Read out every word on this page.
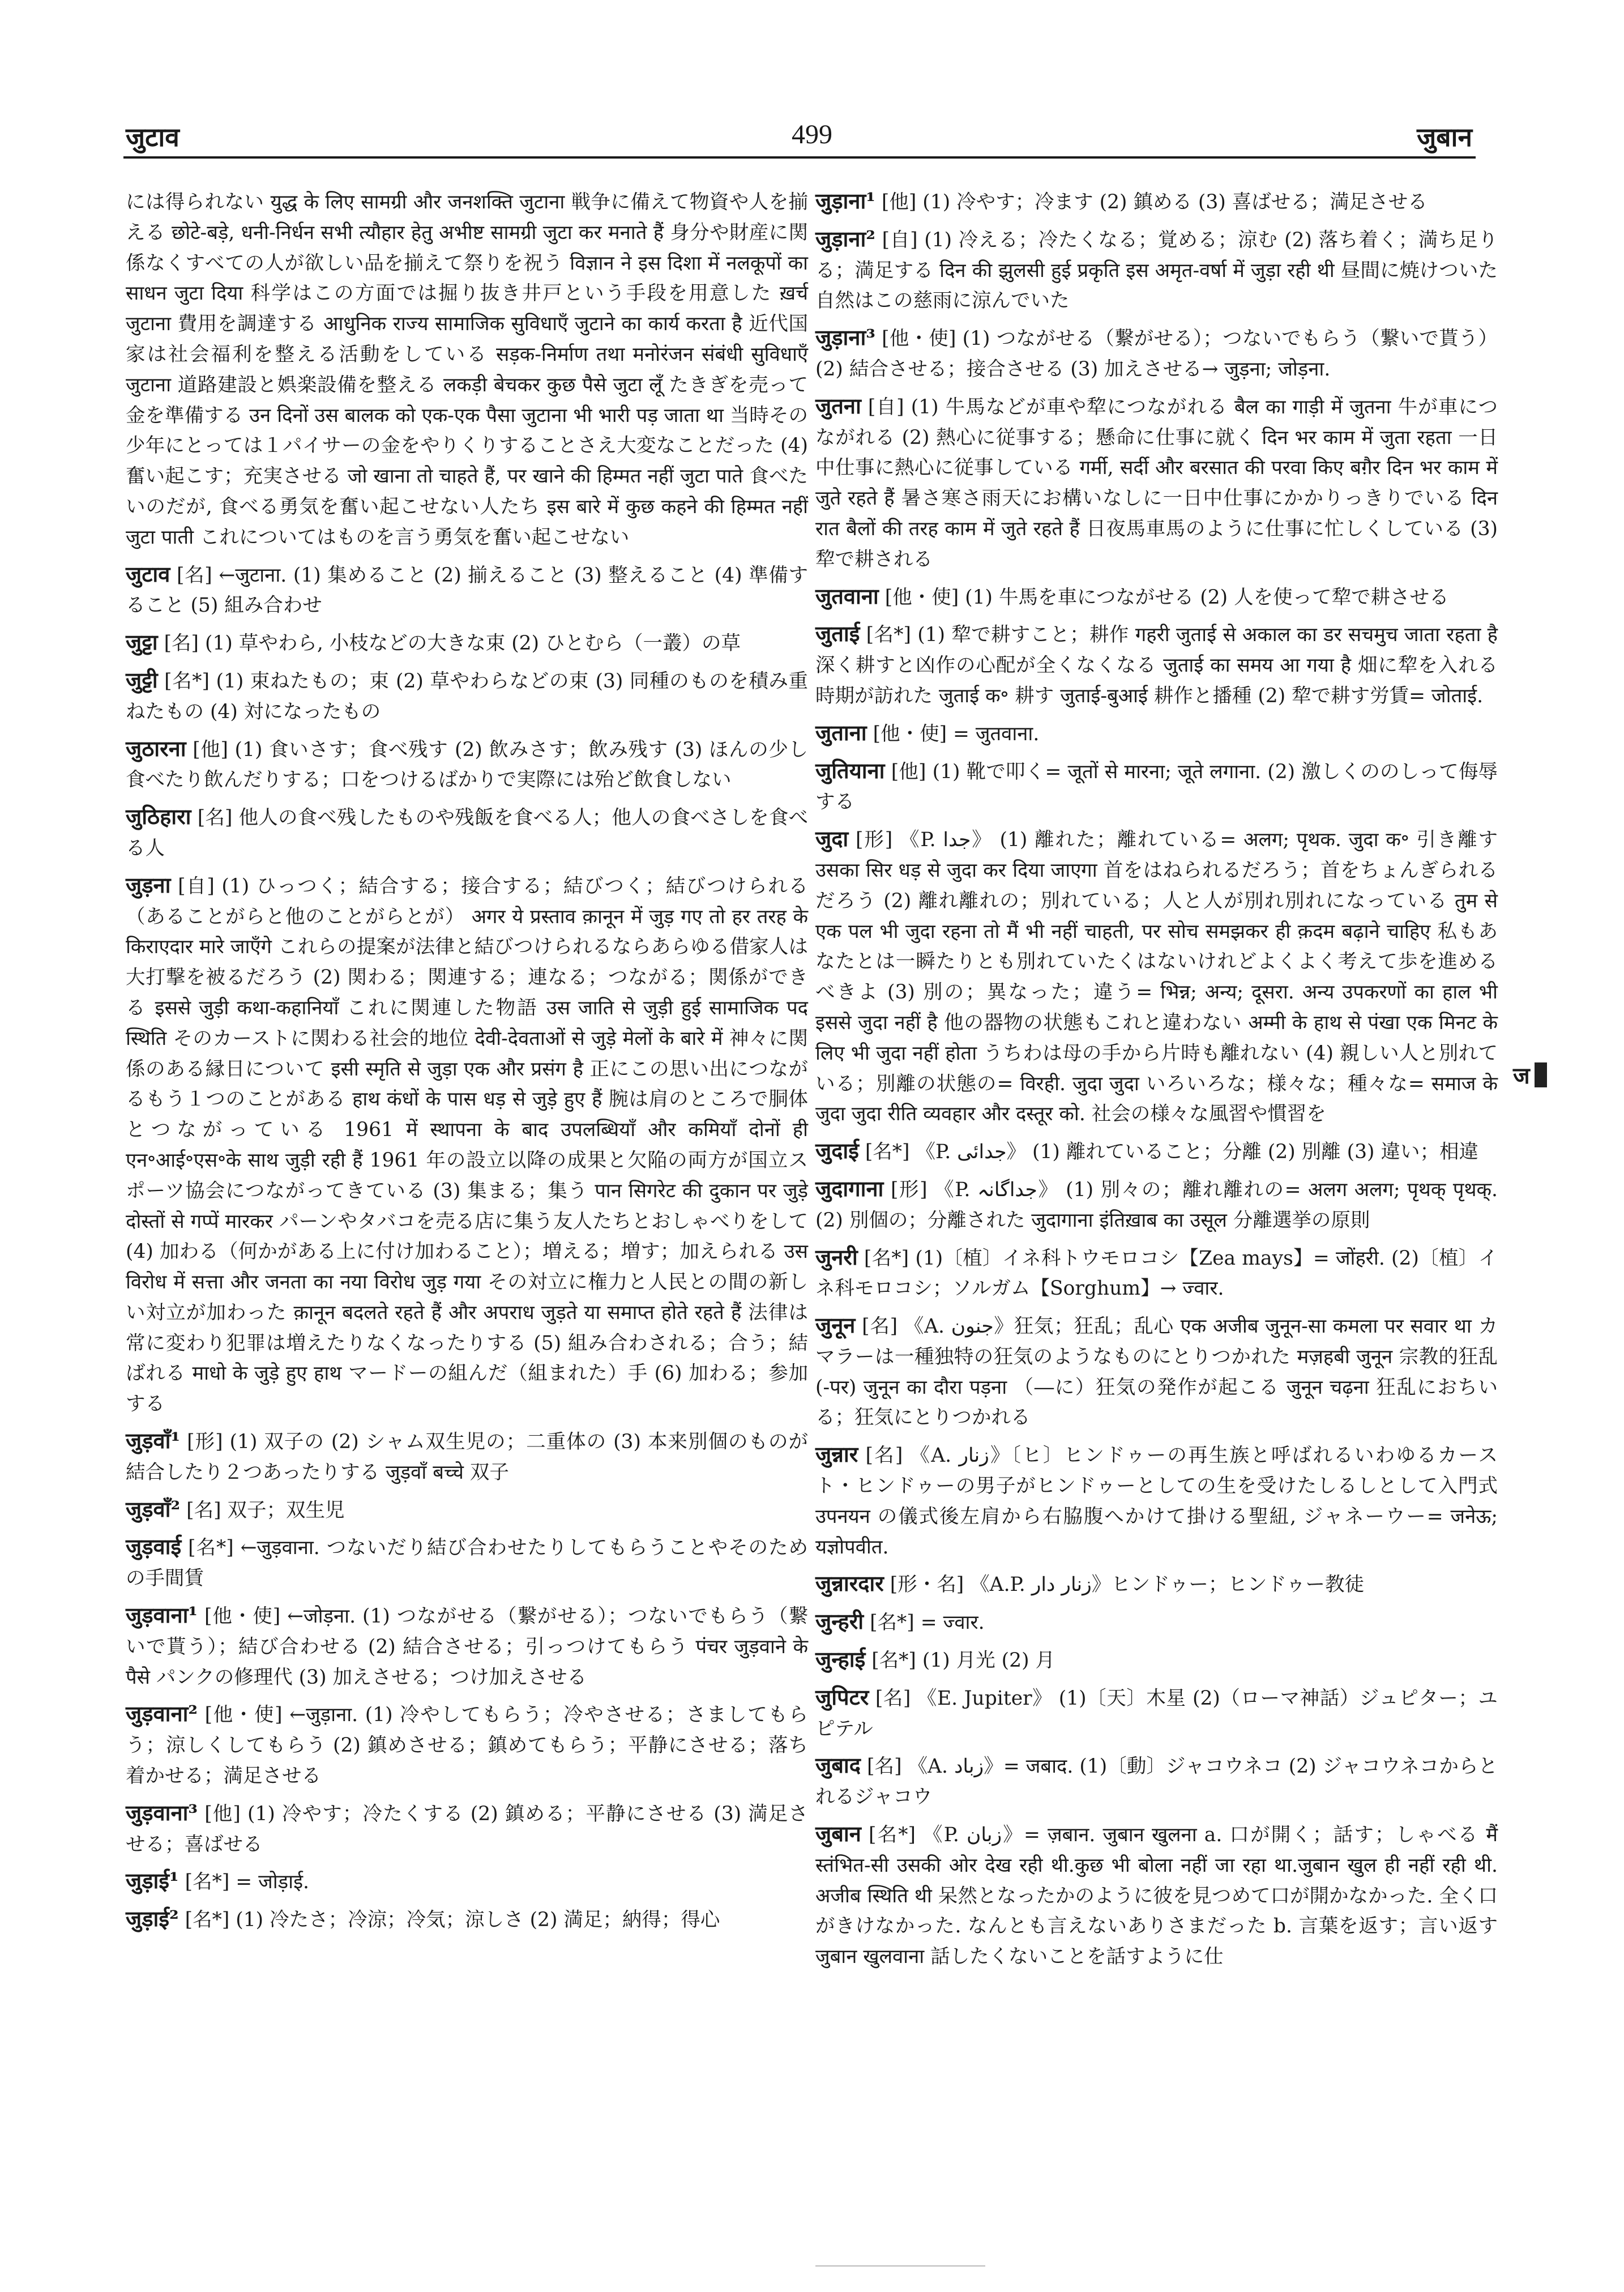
जुटाव	499	जुबान

には得られない युद्ध के लिए सामग्री और जनशक्ति जुटाना 戦争に備えて物資や人を揃える छोटे-बड़े, धनी-निर्धन सभी त्यौहार हेतु अभीष्ट सामग्री जुटा कर मनाते हैं 身分や財産に関係なくすべての人が欲しい品を揃えて祭りを祝う विज्ञान ने इस दिशा में नलकूपों का साधन जुटा दिया 科学はこの方面では掘り抜き井戸という手段を用意した ख़र्च जुटाना 費用を調達する आधुनिक राज्य सामाजिक सुविधाएँ जुटाने का कार्य करता है 近代国家は社会福利を整える活動をしている सड़क-निर्माण तथा मनोरंजन संबंधी सुविधाएँ जुटाना 道路建設と娯楽設備を整える लकड़ी बेचकर कुछ पैसे जुटा लूँ たきぎを売って金を準備する उन दिनों उस बालक को एक-एक पैसा जुटाना भी भारी पड़ जाता था 当時その少年にとっては１パイサーの金をやりくりすることさえ大変なことだった (4) 奮い起こす；充実させる जो खाना तो चाहते हैं, पर खाने की हिम्मत नहीं जुटा पाते 食べたいのだが, 食べる勇気を奮い起こせない人たち इस बारे में कुछ कहने की हिम्मत नहीं जुटा पाती これについてはものを言う勇気を奮い起こせない

जुटाव [名] ←जुटाना. (1) 集めること (2) 揃えること (3) 整えること (4) 準備すること (5) 組み合わせ

जुट्टा [名] (1) 草やわら, 小枝などの大きな束 (2) ひとむら（一叢）の草

जुट्टी [名*] (1) 束ねたもの；束 (2) 草やわらなどの束 (3) 同種のものを積み重ねたもの (4) 対になったもの

जुठारना [他] (1) 食いさす；食べ残す (2) 飲みさす；飲み残す (3) ほんの少し食べたり飲んだりする；口をつけるばかりで実際には殆ど飲食しない

जुठिहारा [名] 他人の食べ残したものや残飯を食べる人；他人の食べさしを食べる人

जुड़ना [自] (1) ひっつく；結合する；接合する；結びつく；結びつけられる（あることがらと他のことがらとが） अगर ये प्रस्ताव क़ानून में जुड़ गए तो हर तरह के किराएदार मारे जाएँगे これらの提案が法律と結びつけられるならあらゆる借家人は大打撃を被るだろう (2) 関わる；関連する；連なる；つながる；関係ができる इससे जुड़ी कथा-कहानियाँ これに関連した物語 उस जाति से जुड़ी हुई सामाजिक पद स्थिति そのカーストに関わる社会的地位 देवी-देवताओं से जुड़े मेलों के बारे में 神々に関係のある縁日について इसी स्मृति से जुड़ा एक और प्रसंग है 正にこの思い出につながるもう１つのことがある हाथ कंधों के पास धड़ से जुड़े हुए हैं 腕は肩のところで胴体とつながっている 1961 में स्थापना के बाद उपलब्धियाँ और कमियाँ दोनों ही एन॰आई॰एस॰के साथ जुड़ी रही हैं 1961 年の設立以降の成果と欠陥の両方が国立スポーツ協会につながってきている (3) 集まる；集う पान सिगरेट की दुकान पर जुड़े दोस्तों से गप्पें मारकर パーンやタバコを売る店に集う友人たちとおしゃべりをして (4) 加わる（何かがある上に付け加わること）；増える；増す；加えられる उस विरोध में सत्ता और जनता का नया विरोध जुड़ गया その対立に権力と人民との間の新しい対立が加わった क़ानून बदलते रहते हैं और अपराध जुड़ते या समाप्त होते रहते हैं 法律は常に変わり犯罪は増えたりなくなったりする (5) 組み合わされる；合う；結ばれる माधो के जुड़े हुए हाथ マードーの組んだ（組まれた）手 (6) 加わる；参加する

जुड़वाँ¹ [形] (1) 双子の (2) シャム双生児の；二重体の (3) 本来別個のものが結合したり２つあったりする जुड़वाँ बच्चे 双子

जुड़वाँ² [名] 双子；双生児

जुड़वाई [名*] ←जुड़वाना. つないだり結び合わせたりしてもらうことやそのための手間賃

जुड़वाना¹ [他・使] ←जोड़ना. (1) つながせる（繋がせる）；つないでもらう（繋いで貰う）；結び合わせる (2) 結合させる；引っつけてもらう पंचर जुड़वाने के पैसे パンクの修理代 (3) 加えさせる；つけ加えさせる

जुड़वाना² [他・使] ←जुड़ाना. (1) 冷やしてもらう；冷やさせる；さましてもらう；涼しくしてもらう (2) 鎮めさせる；鎮めてもらう；平静にさせる；落ち着かせる；満足させる

जुड़वाना³ [他] (1) 冷やす；冷たくする (2) 鎮める；平静にさせる (3) 満足させる；喜ばせる

जुड़ाई¹ [名*] = जोड़ाई.

जुड़ाई² [名*] (1) 冷たさ；冷涼；冷気；涼しさ (2) 満足；納得；得心

जुड़ाना¹ [他] (1) 冷やす；冷ます (2) 鎮める (3) 喜ばせる；満足させる

जुड़ाना² [自] (1) 冷える；冷たくなる；覚める；涼む (2) 落ち着く；満ち足りる；満足する दिन की झुलसी हुई प्रकृति इस अमृत-वर्षा में जुड़ा रही थी 昼間に焼けついた自然はこの慈雨に涼んでいた

जुड़ाना³ [他・使] (1) つながせる（繋がせる）；つないでもらう（繋いで貰う） (2) 結合させる；接合させる (3) 加えさせる→ जुड़ना; जोड़ना.

जुतना [自] (1) 牛馬などが車や犂につながれる बैल का गाड़ी में जुतना 牛が車につながれる (2) 熱心に従事する；懸命に仕事に就く दिन भर काम में जुता रहता 一日中仕事に熱心に従事している गर्मी, सर्दी और बरसात की परवा किए बग़ैर दिन भर काम में जुते रहते हैं 暑さ寒さ雨天にお構いなしに一日中仕事にかかりっきりでいる दिन रात बैलों की तरह काम में जुते रहते हैं 日夜馬車馬のように仕事に忙しくしている (3) 犂で耕される

जुतवाना [他・使] (1) 牛馬を車につながせる (2) 人を使って犂で耕させる

जुताई [名*] (1) 犂で耕すこと；耕作 गहरी जुताई से अकाल का डर सचमुच जाता रहता है 深く耕すと凶作の心配が全くなくなる जुताई का समय आ गया है 畑に犂を入れる時期が訪れた जुताई क॰ 耕す जुताई-बुआई 耕作と播種 (2) 犂で耕す労賃= जोताई.

जुताना [他・使] = जुतवाना.

जुतियाना [他] (1) 靴で叩く= जूतों से मारना; जूते लगाना. (2) 激しくののしって侮辱する

जुदा [形] 《P. جدا》 (1) 離れた；離れている= अलग; पृथक. जुदा क॰ 引き離す उसका सिर धड़ से जुदा कर दिया जाएगा 首をはねられるだろう；首をちょんぎられるだろう (2) 離れ離れの；別れている；人と人が別れ別れになっている तुम से एक पल भी जुदा रहना तो मैं भी नहीं चाहती, पर सोच समझकर ही क़दम बढ़ाने चाहिए 私もあなたとは一瞬たりとも別れていたくはないけれどよくよく考えて歩を進めるべきよ (3) 別の；異なった；違う= भिन्न; अन्य; दूसरा. अन्य उपकरणों का हाल भी इससे जुदा नहीं है 他の器物の状態もこれと違わない अम्मी के हाथ से पंखा एक मिनट के लिए भी जुदा नहीं होता うちわは母の手から片時も離れない (4) 親しい人と別れている；別離の状態の= विरही. जुदा जुदा いろいろな；様々な；種々な= समाज के जुदा जुदा रीति व्यवहार और दस्तूर को. 社会の様々な風習や慣習を

जुदाई [名*] 《P. جدائی》 (1) 離れていること；分離 (2) 別離 (3) 違い；相違

जुदागाना [形] 《P. جداگانہ》 (1) 別々の；離れ離れの= अलग अलग; पृथक् पृथक्. (2) 別個の；分離された जुदागाना इंतिख़ाब का उसूल 分離選挙の原則

जुनरी [名*] (1)〔植〕イネ科トウモロコシ【Zea mays】= जोंहरी. (2)〔植〕イネ科モロコシ；ソルガム【Sorghum】→ ज्वार.

जुनून [名] 《A. جنون》狂気；狂乱；乱心 एक अजीब जुनून-सा कमला पर सवार था カマラーは一種独特の狂気のようなものにとりつかれた मज़हबी जुनून 宗教的狂乱 (-पर) जुनून का दौरा पड़ना （―に）狂気の発作が起こる जुनून चढ़ना 狂乱におちいる；狂気にとりつかれる

जुन्नार [名] 《A. زنار》〔ヒ〕ヒンドゥーの再生族と呼ばれるいわゆるカースト・ヒンドゥーの男子がヒンドゥーとしての生を受けたしるしとして入門式 उपनयन の儀式後左肩から右脇腹へかけて掛ける聖紐, ジャネーウー= जनेऊ; यज्ञोपवीत.

जुन्नारदार [形・名] 《A.P. زنار دار》ヒンドゥー；ヒンドゥー教徒

जुन्हरी [名*] = ज्वार.

जुन्हाई [名*] (1) 月光 (2) 月

जुपिटर [名] 《E. Jupiter》 (1)〔天〕木星 (2)（ローマ神話）ジュピター；ユピテル

जुबाद [名] 《A. زباد》= जबाद. (1)〔動〕ジャコウネコ (2) ジャコウネコからとれるジャコウ

जुबान [名*] 《P. زبان》= ज़बान. जुबान खुलना a. 口が開く；話す；しゃべる मैं स्तंभित-सी उसकी ओर देख रही थी.कुछ भी बोला नहीं जा रहा था.जुबान खुल ही नहीं रही थी. अजीब स्थिति थी 呆然となったかのように彼を見つめて口が開かなかった. 全く口がきけなかった. なんとも言えないありさまだった b. 言葉を返す；言い返す जुबान खुलवाना 話したくないことを話すように仕

ज
